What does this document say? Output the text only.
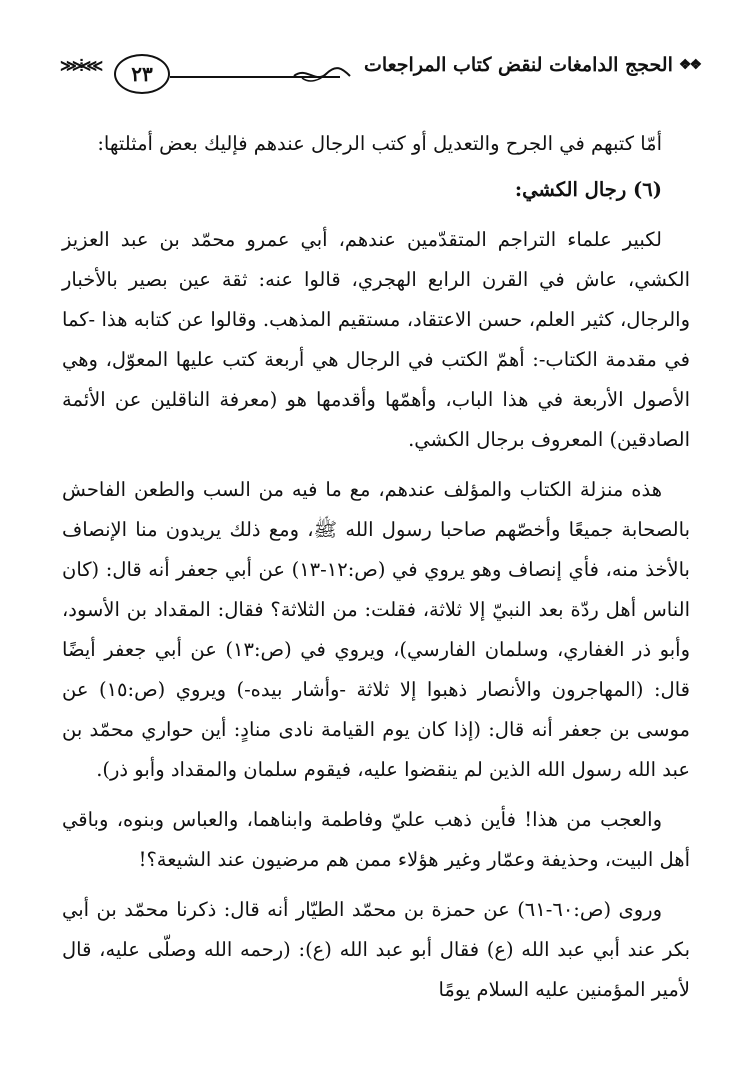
❖❖
الحجج الدامغات لنقض كتاب المراجعات
٢٣
⋙⦙⋘

أمّا كتبهم في الجرح والتعديل أو كتب الرجال عندهم فإليك بعض أمثلتها:

(٦) رجال الكشي:

لكبير علماء التراجم المتقدّمين عندهم، أبي عمرو محمّد بن عبد العزيز الكشي، عاش في القرن الرابع الهجري، قالوا عنه: ثقة عين بصير بالأخبار والرجال، كثير العلم، حسن الاعتقاد، مستقيم المذهب. وقالوا عن كتابه هذا -كما في مقدمة الكتاب-: أهمّ الكتب في الرجال هي أربعة كتب عليها المعوّل، وهي الأصول الأربعة في هذا الباب، وأهمّها وأقدمها هو (معرفة الناقلين عن الأئمة الصادقين) المعروف برجال الكشي.

هذه منزلة الكتاب والمؤلف عندهم، مع ما فيه من السب والطعن الفاحش بالصحابة جميعًا وأخصّهم صاحبا رسول الله ﷺ، ومع ذلك يريدون منا الإنصاف بالأخذ منه، فأي إنصاف وهو يروي في (ص:١٢-١٣) عن أبي جعفر أنه قال: (كان الناس أهل ردّة بعد النبيّ إلا ثلاثة، فقلت: من الثلاثة؟ فقال: المقداد بن الأسود، وأبو ذر الغفاري، وسلمان الفارسي)، ويروي في (ص:١٣) عن أبي جعفر أيضًا قال: (المهاجرون والأنصار ذهبوا إلا ثلاثة -وأشار بيده-) ويروي (ص:١٥) عن موسى بن جعفر أنه قال: (إذا كان يوم القيامة نادى منادٍ: أين حواري محمّد بن عبد الله رسول الله الذين لم ينقضوا عليه، فيقوم سلمان والمقداد وأبو ذر).

والعجب من هذا! فأين ذهب عليّ وفاطمة وابناهما، والعباس وبنوه، وباقي أهل البيت، وحذيفة وعمّار وغير هؤلاء ممن هم مرضيون عند الشيعة؟!

وروى (ص:٦٠-٦١) عن حمزة بن محمّد الطيّار أنه قال: ذكرنا محمّد بن أبي بكر عند أبي عبد الله (ع) فقال أبو عبد الله (ع): (رحمه الله وصلّى عليه، قال لأمير المؤمنين عليه السلام يومًا
